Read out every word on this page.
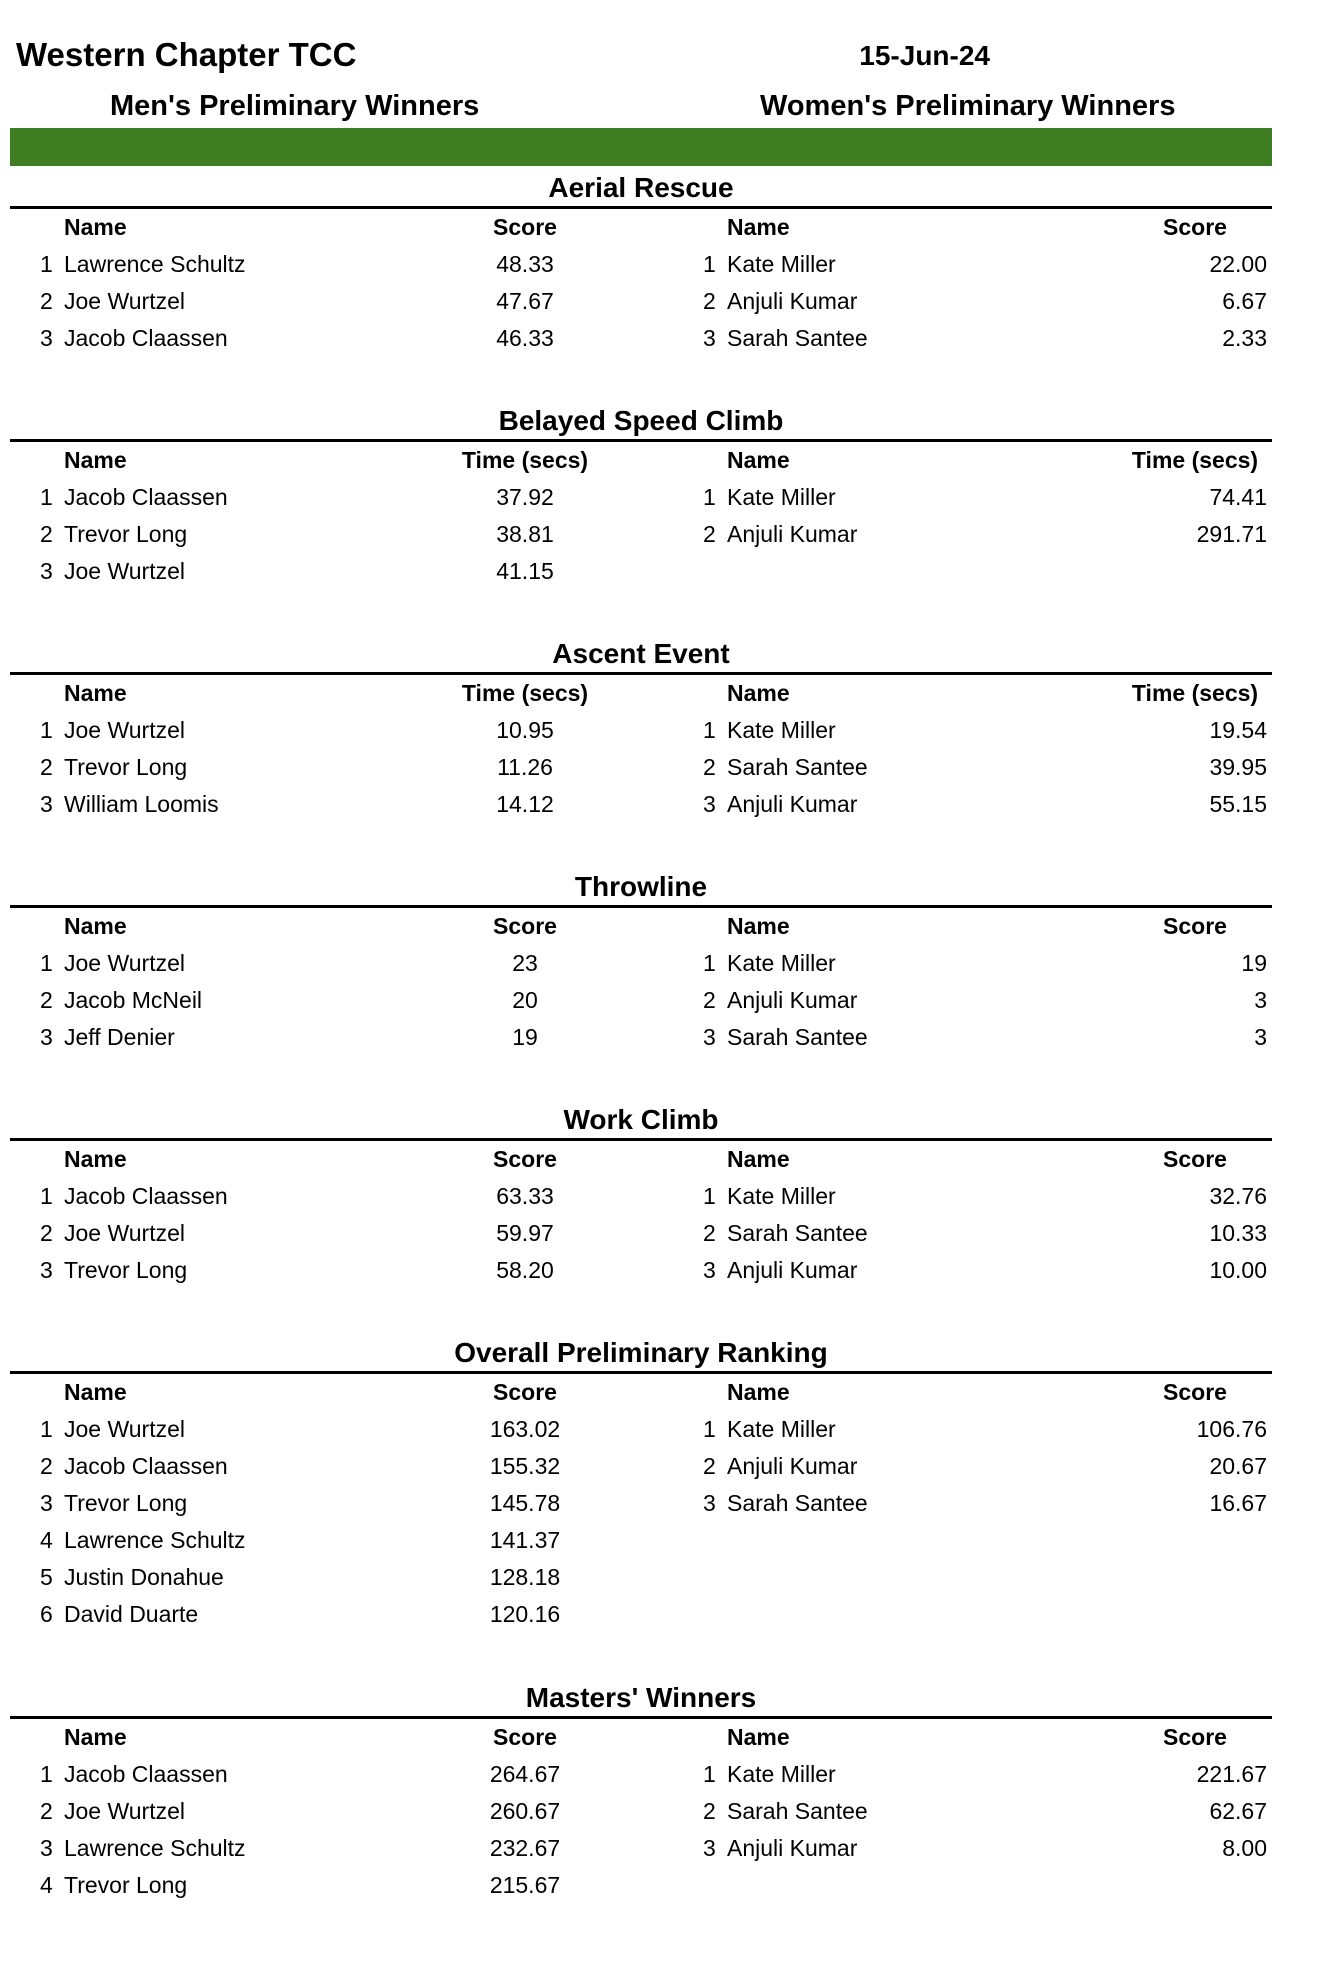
Western Chapter TCC	15-Jun-24
Men's Preliminary Winners	Women's Preliminary Winners
Aerial Rescue
Name	Score	Name	Score
1 Lawrence Schultz	48.33	1 Kate Miller	22.00
2 Joe Wurtzel	47.67	2 Anjuli Kumar	6.67
3 Jacob Claassen	46.33	3 Sarah Santee	2.33
Belayed Speed Climb
Name	Time (secs)	Name	Time (secs)
1 Jacob Claassen	37.92	1 Kate Miller	74.41
2 Trevor Long	38.81	2 Anjuli Kumar	291.71
3 Joe Wurtzel	41.15
Ascent Event
Name	Time (secs)	Name	Time (secs)
1 Joe Wurtzel	10.95	1 Kate Miller	19.54
2 Trevor Long	11.26	2 Sarah Santee	39.95
3 William Loomis	14.12	3 Anjuli Kumar	55.15
Throwline
Name	Score	Name	Score
1 Joe Wurtzel	23	1 Kate Miller	19
2 Jacob McNeil	20	2 Anjuli Kumar	3
3 Jeff Denier	19	3 Sarah Santee	3
Work Climb
Name	Score	Name	Score
1 Jacob Claassen	63.33	1 Kate Miller	32.76
2 Joe Wurtzel	59.97	2 Sarah Santee	10.33
3 Trevor Long	58.20	3 Anjuli Kumar	10.00
Overall Preliminary Ranking
Name	Score	Name	Score
1 Joe Wurtzel	163.02	1 Kate Miller	106.76
2 Jacob Claassen	155.32	2 Anjuli Kumar	20.67
3 Trevor Long	145.78	3 Sarah Santee	16.67
4 Lawrence Schultz	141.37
5 Justin Donahue	128.18
6 David Duarte	120.16
Masters' Winners
Name	Score	Name	Score
1 Jacob Claassen	264.67	1 Kate Miller	221.67
2 Joe Wurtzel	260.67	2 Sarah Santee	62.67
3 Lawrence Schultz	232.67	3 Anjuli Kumar	8.00
4 Trevor Long	215.67
